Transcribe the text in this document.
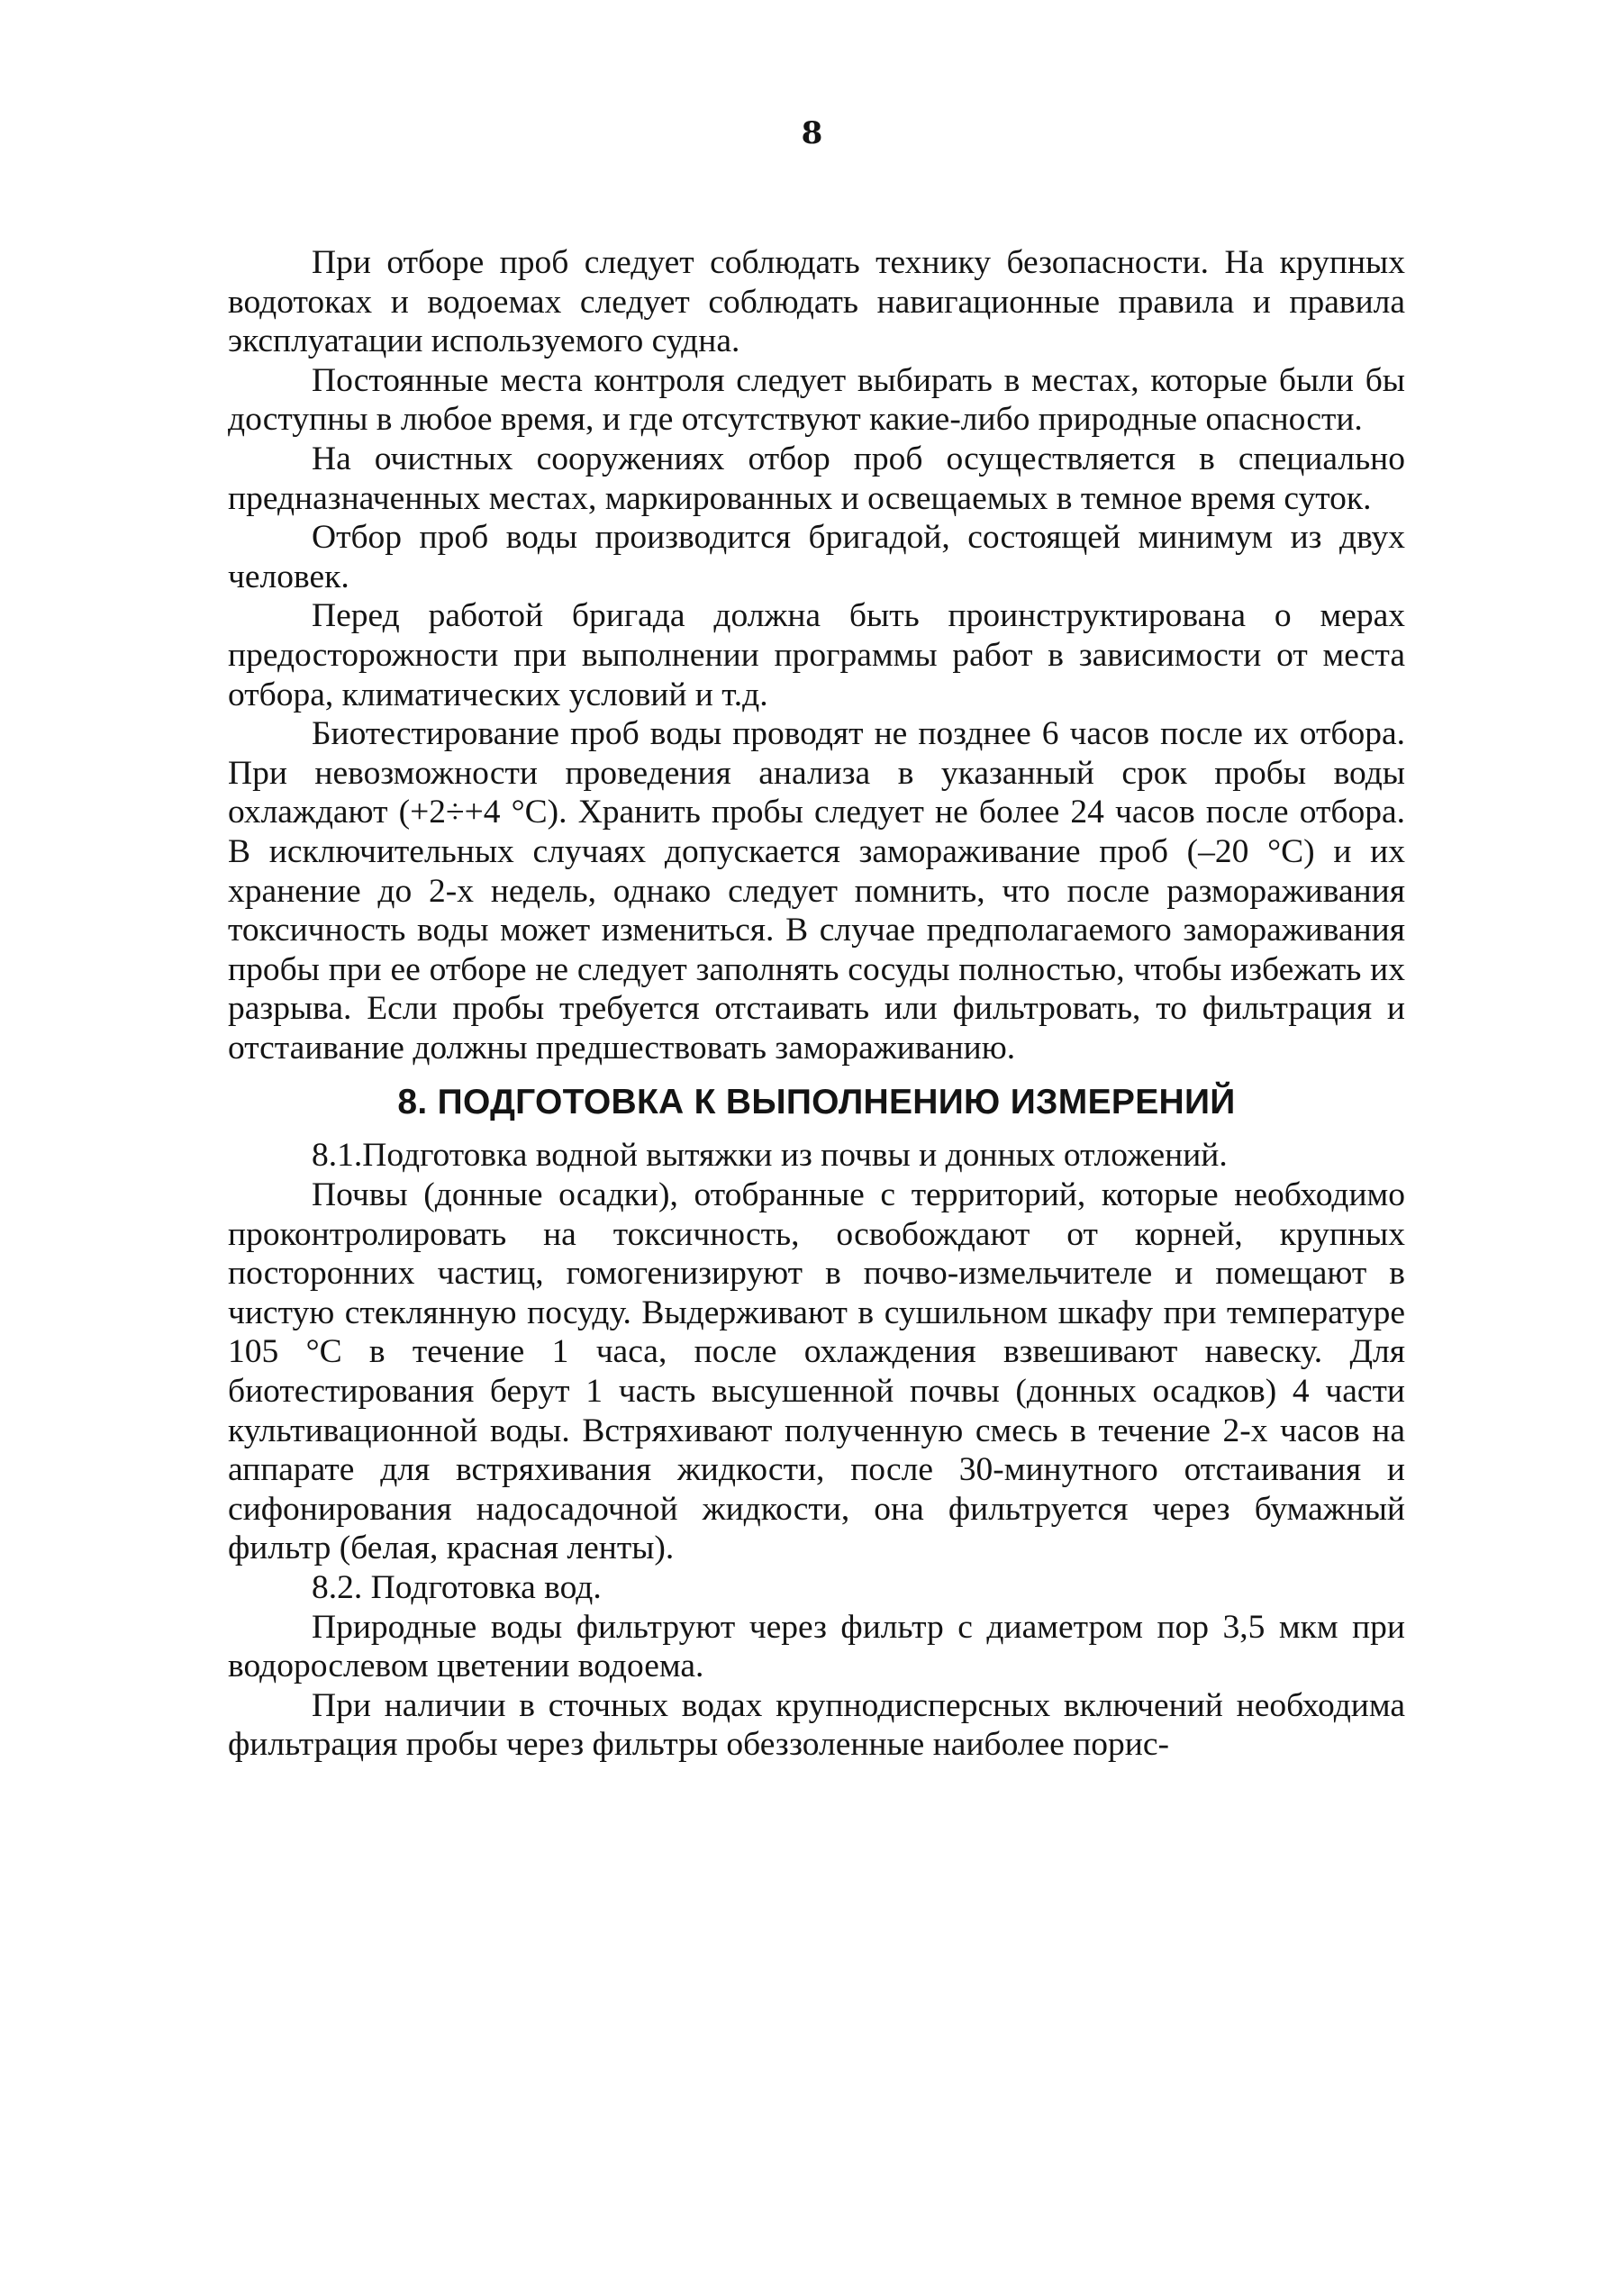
8

При отборе проб следует соблюдать технику безопасности. На крупных водотоках и водоемах следует соблюдать навигационные правила и правила эксплуатации используемого судна.

Постоянные места контроля следует выбирать в местах, которые были бы доступны в любое время, и где отсутствуют какие-либо природные опасности.

На очистных сооружениях отбор проб осуществляется в специально предназначенных местах, маркированных и освещаемых в темное время суток.

Отбор проб воды производится бригадой, состоящей минимум из двух человек.

Перед работой бригада должна быть проинструктирована о мерах предосторожности при выполнении программы работ в зависимости от места отбора, климатических условий и т.д.

Биотестирование проб воды проводят не позднее 6 часов после их отбора. При невозможности проведения анализа в указанный срок пробы воды охлаждают (+2÷+4 °С). Хранить пробы следует не более 24 часов после отбора. В исключительных случаях допускается замораживание проб (–20 °С) и их хранение до 2-х недель, однако следует помнить, что после размораживания токсичность воды может измениться. В случае предполагаемого замораживания пробы при ее отборе не следует заполнять сосуды полностью, чтобы избежать их разрыва. Если пробы требуется отстаивать или фильтровать, то фильтрация и отстаивание должны предшествовать замораживанию.

8. ПОДГОТОВКА К ВЫПОЛНЕНИЮ ИЗМЕРЕНИЙ

8.1.Подготовка водной вытяжки из почвы и донных отложений.

Почвы (донные осадки), отобранные с территорий, которые необходимо проконтролировать на токсичность, освобождают от корней, крупных посторонних частиц, гомогенизируют в почво-измельчителе и помещают в чистую стеклянную посуду. Выдерживают в сушильном шкафу при температуре 105 °С в течение 1 часа, после охлаждения взвешивают навеску. Для биотестирования берут 1 часть высушенной почвы (донных осадков) 4 части культивационной воды. Встряхивают полученную смесь в течение 2-х часов на аппарате для встряхивания жидкости, после 30-минутного отстаивания и сифонирования надосадочной жидкости, она фильтруется через бумажный фильтр (белая, красная ленты).

8.2. Подготовка вод.

Природные воды фильтруют через фильтр с диаметром пор 3,5 мкм при водорослевом цветении водоема.

При наличии в сточных водах крупнодисперсных включений необходима фильтрация пробы через фильтры обеззоленные наиболее порис-
